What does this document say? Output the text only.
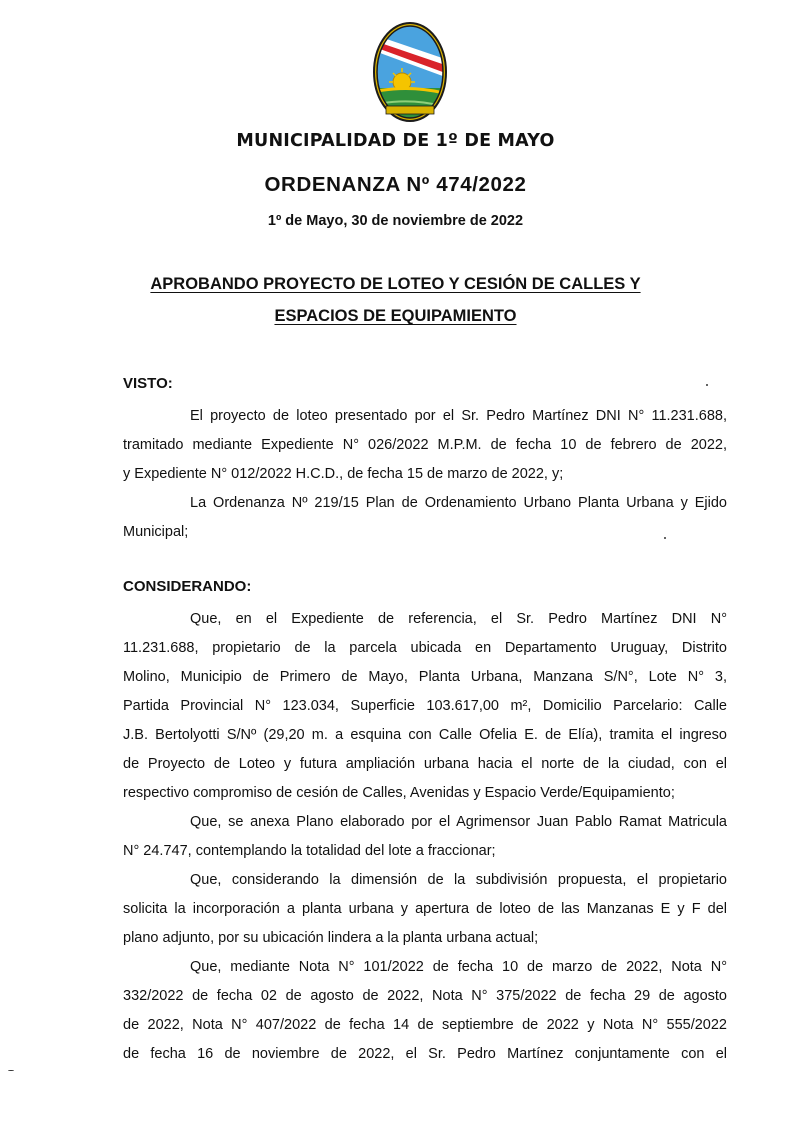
MUNICIPALIDAD DE 1º DE MAYO
ORDENANZA Nº 474/2022
1º de Mayo, 30 de noviembre de 2022
APROBANDO PROYECTO DE LOTEO Y CESIÓN DE CALLES Y
ESPACIOS DE EQUIPAMIENTO
VISTO:
El proyecto de loteo presentado por el Sr. Pedro Martínez DNI N° 11.231.688,
tramitado mediante Expediente N° 026/2022 M.P.M. de fecha 10 de febrero de 2022,
y Expediente N° 012/2022 H.C.D., de fecha 15 de marzo de 2022, y;
La Ordenanza Nº 219/15 Plan de Ordenamiento Urbano Planta Urbana y Ejido
Municipal;
CONSIDERANDO:
Que, en el Expediente de referencia, el Sr. Pedro Martínez DNI N°
11.231.688, propietario de la parcela ubicada en Departamento Uruguay, Distrito
Molino, Municipio de Primero de Mayo, Planta Urbana, Manzana S/N°, Lote N° 3,
Partida Provincial N° 123.034, Superficie 103.617,00 m², Domicilio Parcelario: Calle
J.B. Bertolyotti S/Nº (29,20 m. a esquina con Calle Ofelia E. de Elía), tramita el ingreso
de Proyecto de Loteo y futura ampliación urbana hacia el norte de la ciudad, con el
respectivo compromiso de cesión de Calles, Avenidas y Espacio Verde/Equipamiento;
Que, se anexa Plano elaborado por el Agrimensor Juan Pablo Ramat Matricula
N° 24.747, contemplando la totalidad del lote a fraccionar;
Que, considerando la dimensión de la subdivisión propuesta, el propietario
solicita la incorporación a planta urbana y apertura de loteo de las Manzanas E y F del
plano adjunto, por su ubicación lindera a la planta urbana actual;
Que, mediante Nota N° 101/2022 de fecha 10 de marzo de 2022, Nota N°
332/2022 de fecha 02 de agosto de 2022, Nota N° 375/2022 de fecha 29 de agosto
de 2022, Nota N° 407/2022 de fecha 14 de septiembre de 2022 y Nota N° 555/2022
de fecha 16 de noviembre de 2022, el Sr. Pedro Martínez conjuntamente con el
